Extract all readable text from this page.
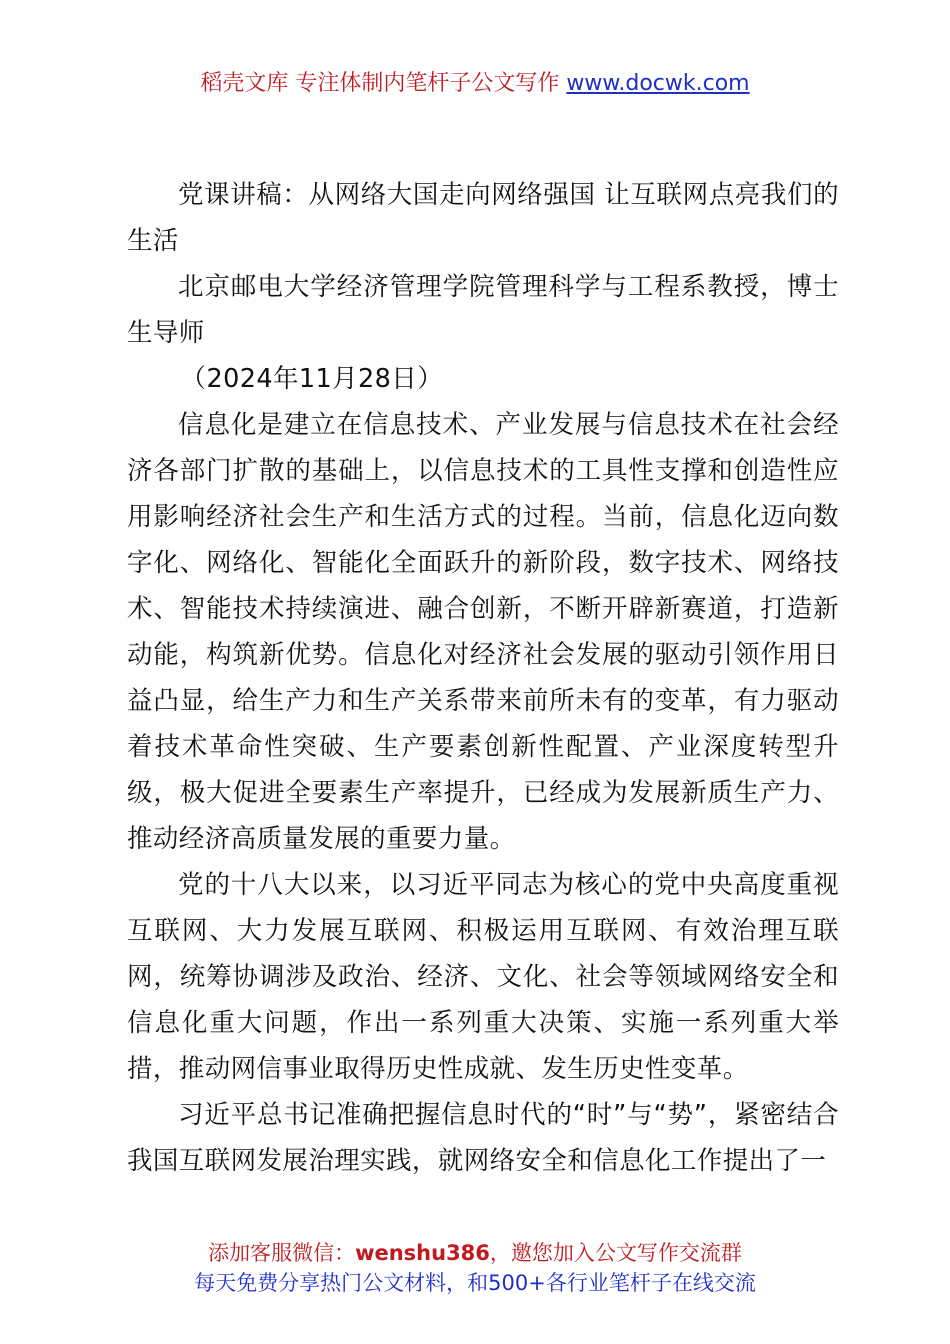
稻壳文库 专注体制内笔杆子公文写作 www.docwk.com

党课讲稿：从网络大国走向网络强国 让互联网点亮我们的生活

北京邮电大学经济管理学院管理科学与工程系教授，博士生导师

（2024年11月28日）

信息化是建立在信息技术、产业发展与信息技术在社会经济各部门扩散的基础上，以信息技术的工具性支撑和创造性应用影响经济社会生产和生活方式的过程。当前，信息化迈向数字化、网络化、智能化全面跃升的新阶段，数字技术、网络技术、智能技术持续演进、融合创新，不断开辟新赛道，打造新动能，构筑新优势。信息化对经济社会发展的驱动引领作用日益凸显，给生产力和生产关系带来前所未有的变革，有力驱动着技术革命性突破、生产要素创新性配置、产业深度转型升级，极大促进全要素生产率提升，已经成为发展新质生产力、推动经济高质量发展的重要力量。

党的十八大以来，以习近平同志为核心的党中央高度重视互联网、大力发展互联网、积极运用互联网、有效治理互联网，统筹协调涉及政治、经济、文化、社会等领域网络安全和信息化重大问题，作出一系列重大决策、实施一系列重大举措，推动网信事业取得历史性成就、发生历史性变革。

习近平总书记准确把握信息时代的“时”与“势”，紧密结合我国互联网发展治理实践，就网络安全和信息化工作提出了一

添加客服微信：wenshu386，邀您加入公文写作交流群
每天免费分享热门公文材料，和500+各行业笔杆子在线交流
